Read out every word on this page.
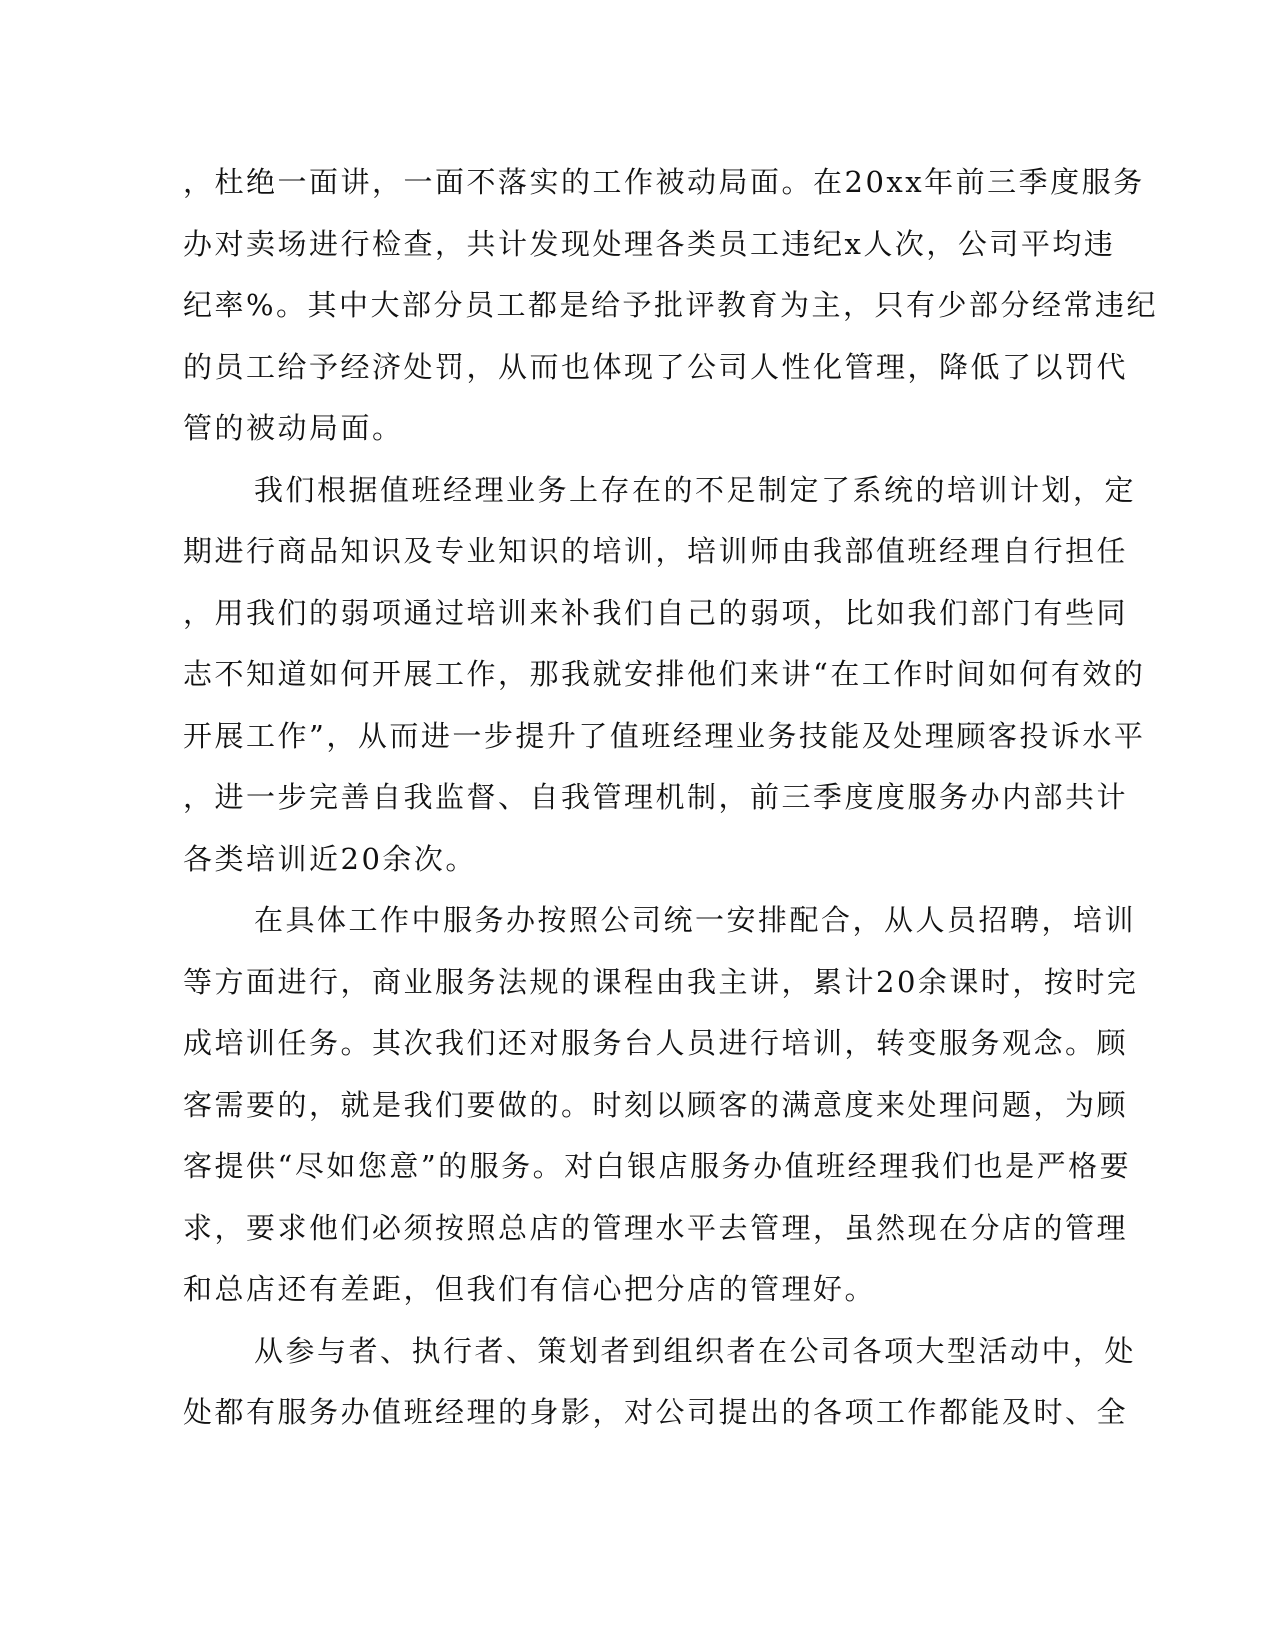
，杜绝一面讲，一面不落实的工作被动局面。在20xx年前三季度服务
办对卖场进行检查，共计发现处理各类员工违纪x人次，公司平均违
纪率%。其中大部分员工都是给予批评教育为主，只有少部分经常违纪
的员工给予经济处罚，从而也体现了公司人性化管理，降低了以罚代
管的被动局面。
我们根据值班经理业务上存在的不足制定了系统的培训计划，定
期进行商品知识及专业知识的培训，培训师由我部值班经理自行担任
，用我们的弱项通过培训来补我们自己的弱项，比如我们部门有些同
志不知道如何开展工作，那我就安排他们来讲“在工作时间如何有效的
开展工作”，从而进一步提升了值班经理业务技能及处理顾客投诉水平
，进一步完善自我监督、自我管理机制，前三季度度服务办内部共计
各类培训近20余次。
在具体工作中服务办按照公司统一安排配合，从人员招聘，培训
等方面进行，商业服务法规的课程由我主讲，累计20余课时，按时完
成培训任务。其次我们还对服务台人员进行培训，转变服务观念。顾
客需要的，就是我们要做的。时刻以顾客的满意度来处理问题，为顾
客提供“尽如您意”的服务。对白银店服务办值班经理我们也是严格要
求，要求他们必须按照总店的管理水平去管理，虽然现在分店的管理
和总店还有差距，但我们有信心把分店的管理好。
从参与者、执行者、策划者到组织者在公司各项大型活动中，处
处都有服务办值班经理的身影，对公司提出的各项工作都能及时、全
